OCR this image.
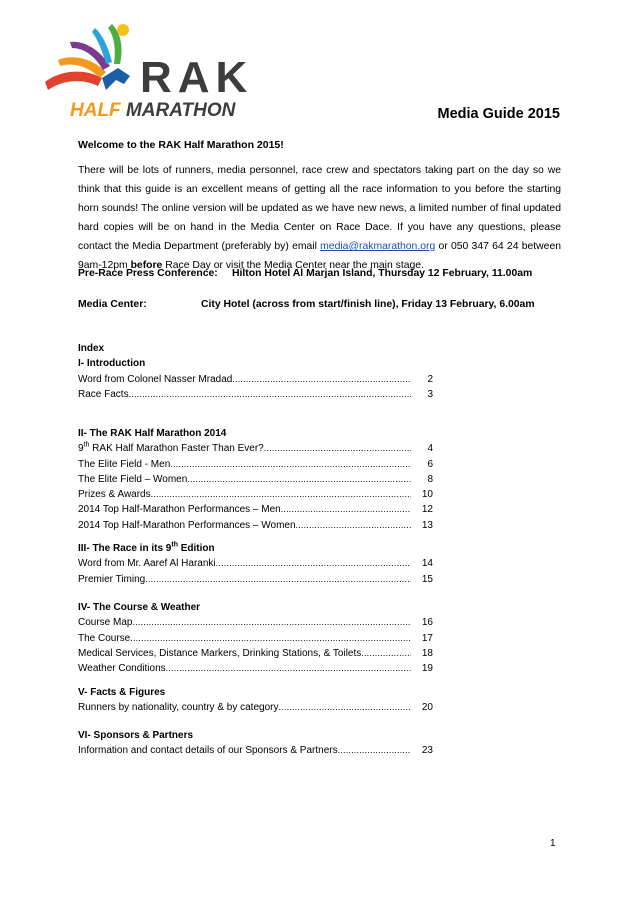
RAK
HALF MARATHON	Media Guide 2015
Welcome to the RAK Half Marathon 2015!
There will be lots of runners, media personnel, race crew and spectators taking part on the day so we think that this guide is an excellent means of getting all the race information to you before the starting horn sounds! The online version will be updated as we have new news, a limited number of final updated hard copies will be on hand in the Media Center on Race Dace. If you have any questions, please contact the Media Department (preferably by) email media@rakmarathon.org or 050 347 64 24 between 9am-12pm before Race Day or visit the Media Center near the main stage.
Pre-Race Press Conference: Hilton Hotel Al Marjan Island, Thursday 12 February, 11.00am
Media Center:	City Hotel (across from start/finish line), Friday 13 February, 6.00am
Index
I- Introduction
Word from Colonel Nasser Mradad .....	2
Race Facts .....	3
II- The RAK Half Marathon 2014
9th RAK Half Marathon Faster Than Ever? .....	4
The Elite Field - Men .....	6
The Elite Field – Women .....	8
Prizes & Awards .....	10
2014 Top Half-Marathon Performances – Men .....	12
2014 Top Half-Marathon Performances – Women .....	13
III- The Race in its 9th Edition
Word from Mr. Aaref Al Haranki .....	14
Premier Timing .....	15
IV- The Course & Weather
Course Map .....	16
The Course .....	17
Medical Services, Distance Markers, Drinking Stations, & Toilets .....	18
Weather Conditions .....	19
V- Facts & Figures
Runners by nationality, country & by category .....	20
VI- Sponsors & Partners
Information and contact details of our Sponsors & Partners .....	23
1
